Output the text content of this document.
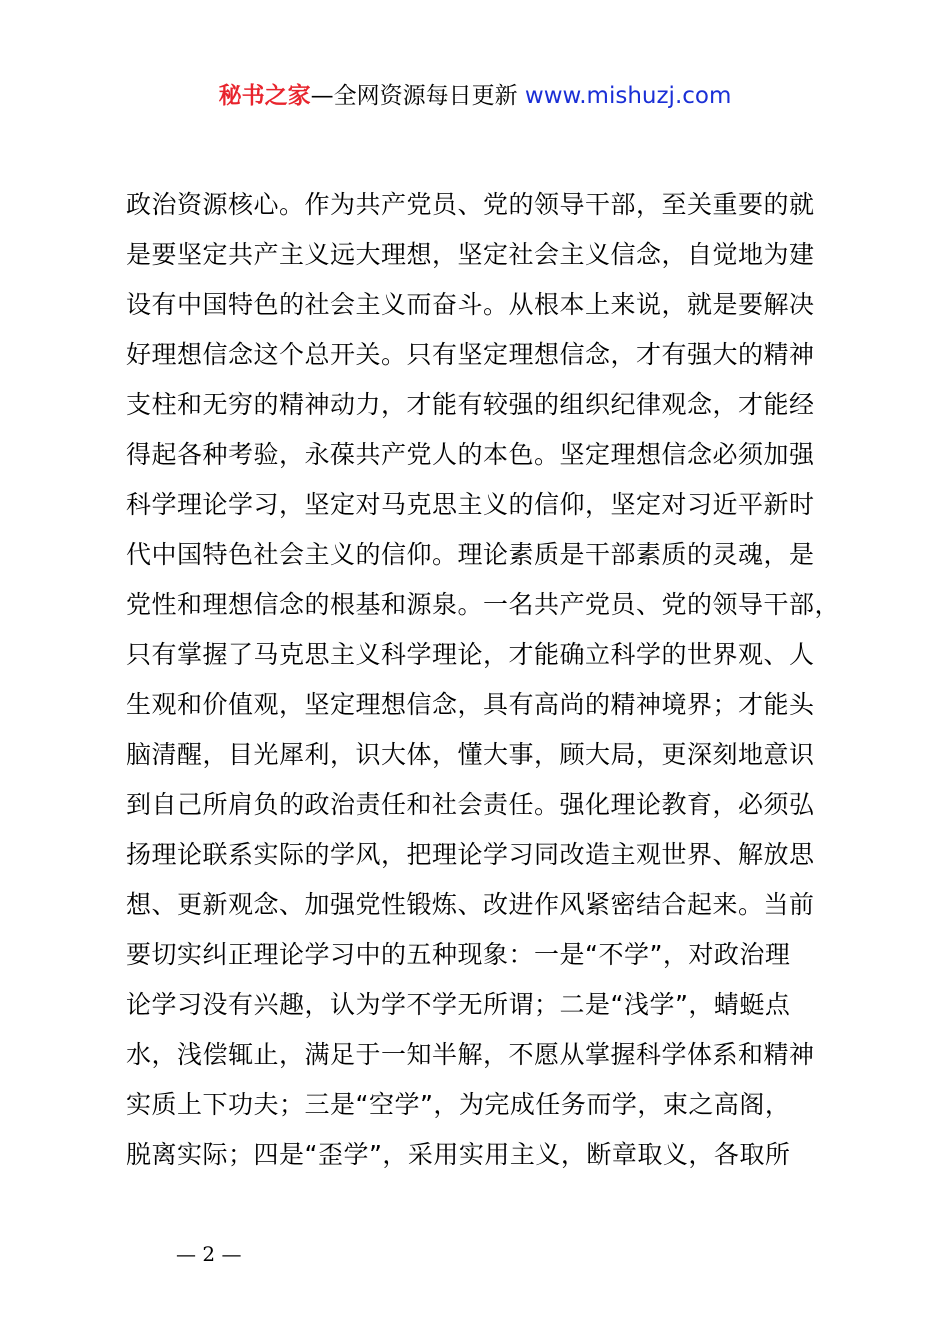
秘书之家—全网资源每日更新 www.mishuzj.com
政治资源核心。作为共产党员、党的领导干部，至关重要的就
是要坚定共产主义远大理想，坚定社会主义信念，自觉地为建
设有中国特色的社会主义而奋斗。从根本上来说，就是要解决
好理想信念这个总开关。只有坚定理想信念，才有强大的精神
支柱和无穷的精神动力，才能有较强的组织纪律观念，才能经
得起各种考验，永葆共产党人的本色。坚定理想信念必须加强
科学理论学习，坚定对马克思主义的信仰，坚定对习近平新时
代中国特色社会主义的信仰。理论素质是干部素质的灵魂，是
党性和理想信念的根基和源泉。一名共产党员、党的领导干部，
只有掌握了马克思主义科学理论，才能确立科学的世界观、人
生观和价值观，坚定理想信念，具有高尚的精神境界；才能头
脑清醒，目光犀利，识大体，懂大事，顾大局，更深刻地意识
到自己所肩负的政治责任和社会责任。强化理论教育，必须弘
扬理论联系实际的学风，把理论学习同改造主观世界、解放思
想、更新观念、加强党性锻炼、改进作风紧密结合起来。当前
要切实纠正理论学习中的五种现象：一是“不学”，对政治理
论学习没有兴趣，认为学不学无所谓；二是“浅学”，蜻蜓点
水，浅偿辄止，满足于一知半解，不愿从掌握科学体系和精神
实质上下功夫；三是“空学”，为完成任务而学，束之高阁，
脱离实际；四是“歪学”，采用实用主义，断章取义，各取所
— 2 —
